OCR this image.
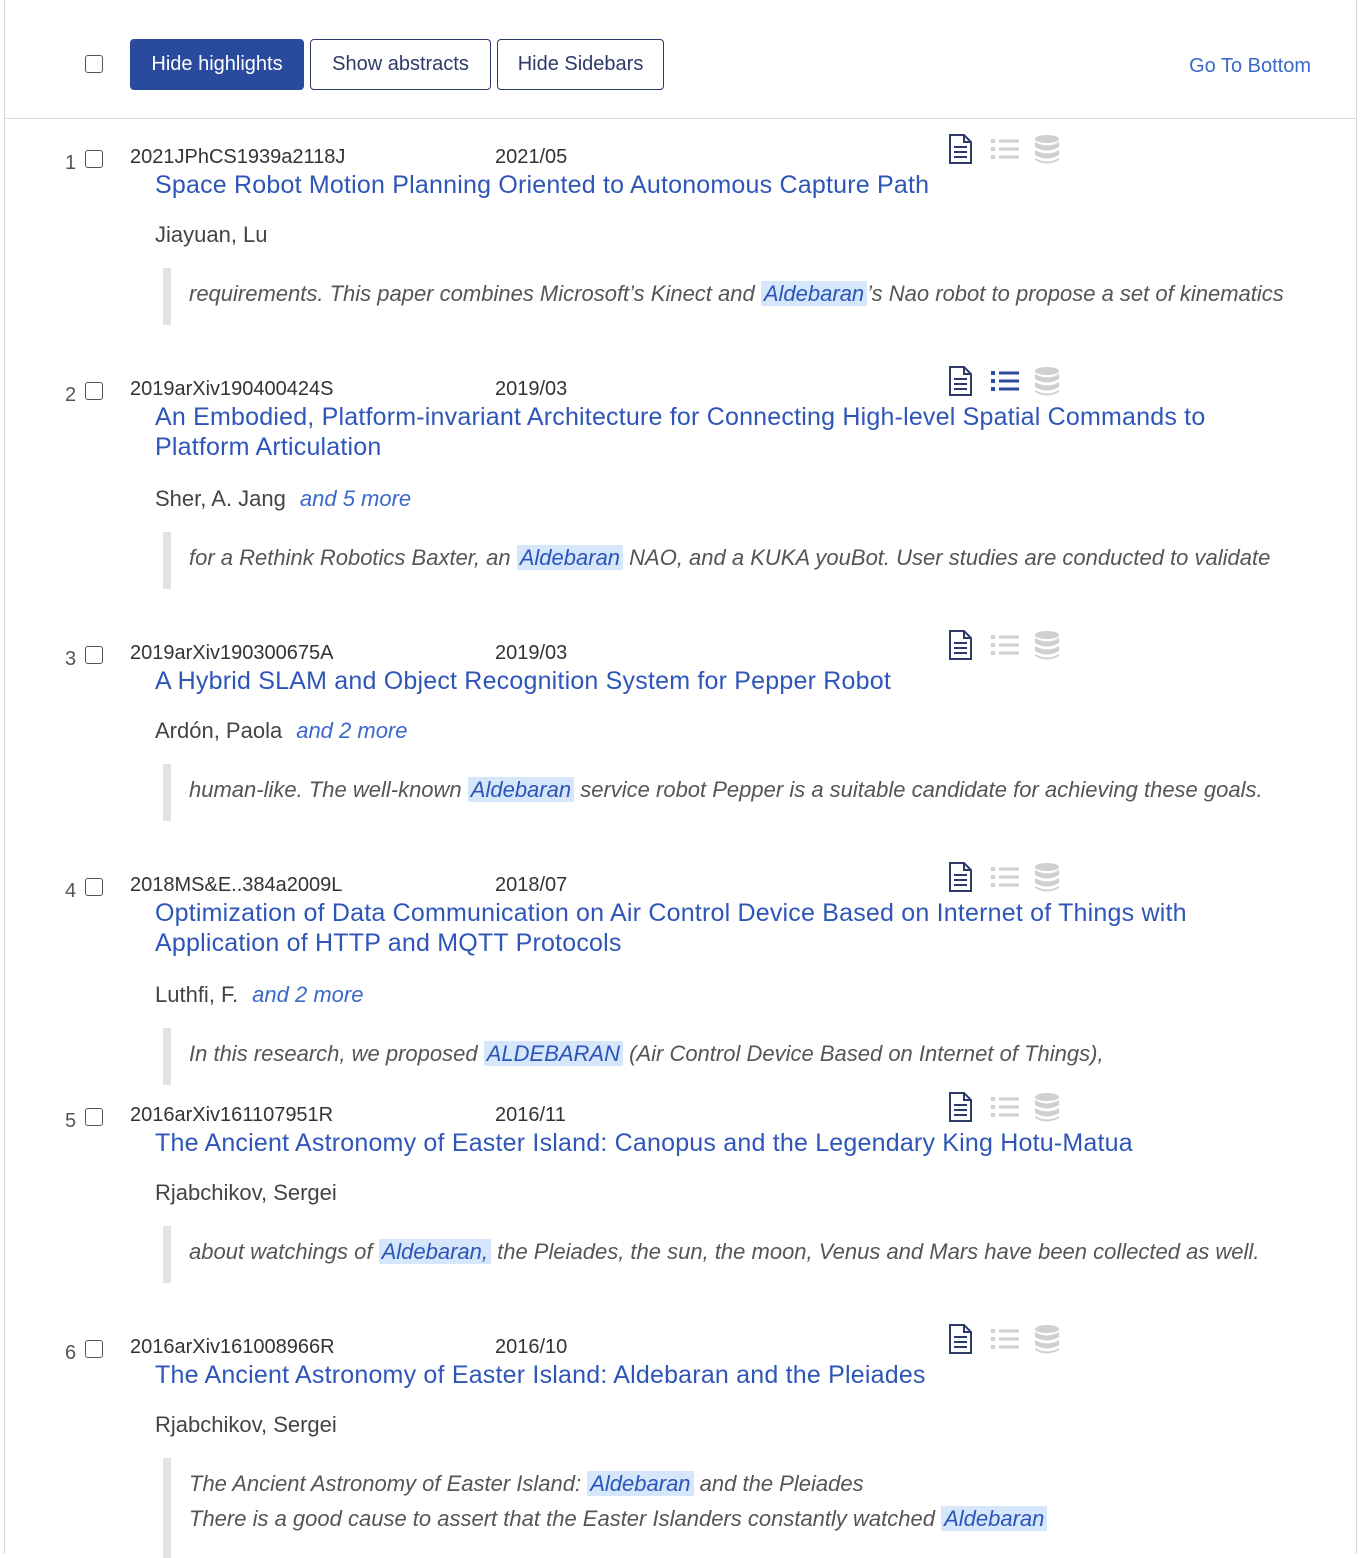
Hide highlights	Show abstracts	Hide Sidebars	Go To Bottom
1	2021JPhCS1939a2118J	2021/05
Space Robot Motion Planning Oriented to Autonomous Capture Path
Jiayuan, Lu
requirements. This paper combines Microsoft’s Kinect and Aldebaran ’s Nao robot to propose a set of kinematics
2	2019arXiv190400424S	2019/03
An Embodied, Platform-invariant Architecture for Connecting High-level Spatial Commands to Platform Articulation
Sher, A. Jang and 5 more
for a Rethink Robotics Baxter, an Aldebaran NAO, and a KUKA youBot. User studies are conducted to validate
3	2019arXiv190300675A	2019/03
A Hybrid SLAM and Object Recognition System for Pepper Robot
Ardón, Paola and 2 more
human-like. The well-known Aldebaran service robot Pepper is a suitable candidate for achieving these goals.
4	2018MS&E..384a2009L	2018/07
Optimization of Data Communication on Air Control Device Based on Internet of Things with Application of HTTP and MQTT Protocols
Luthfi, F. and 2 more
In this research, we proposed ALDEBARAN (Air Control Device Based on Internet of Things),
5	2016arXiv161107951R	2016/11
The Ancient Astronomy of Easter Island: Canopus and the Legendary King Hotu-Matua
Rjabchikov, Sergei
about watchings of Aldebaran, the Pleiades, the sun, the moon, Venus and Mars have been collected as well.
6	2016arXiv161008966R	2016/10
The Ancient Astronomy of Easter Island: Aldebaran and the Pleiades
Rjabchikov, Sergei
The Ancient Astronomy of Easter Island: Aldebaran and the Pleiades
There is a good cause to assert that the Easter Islanders constantly watched Aldebaran
